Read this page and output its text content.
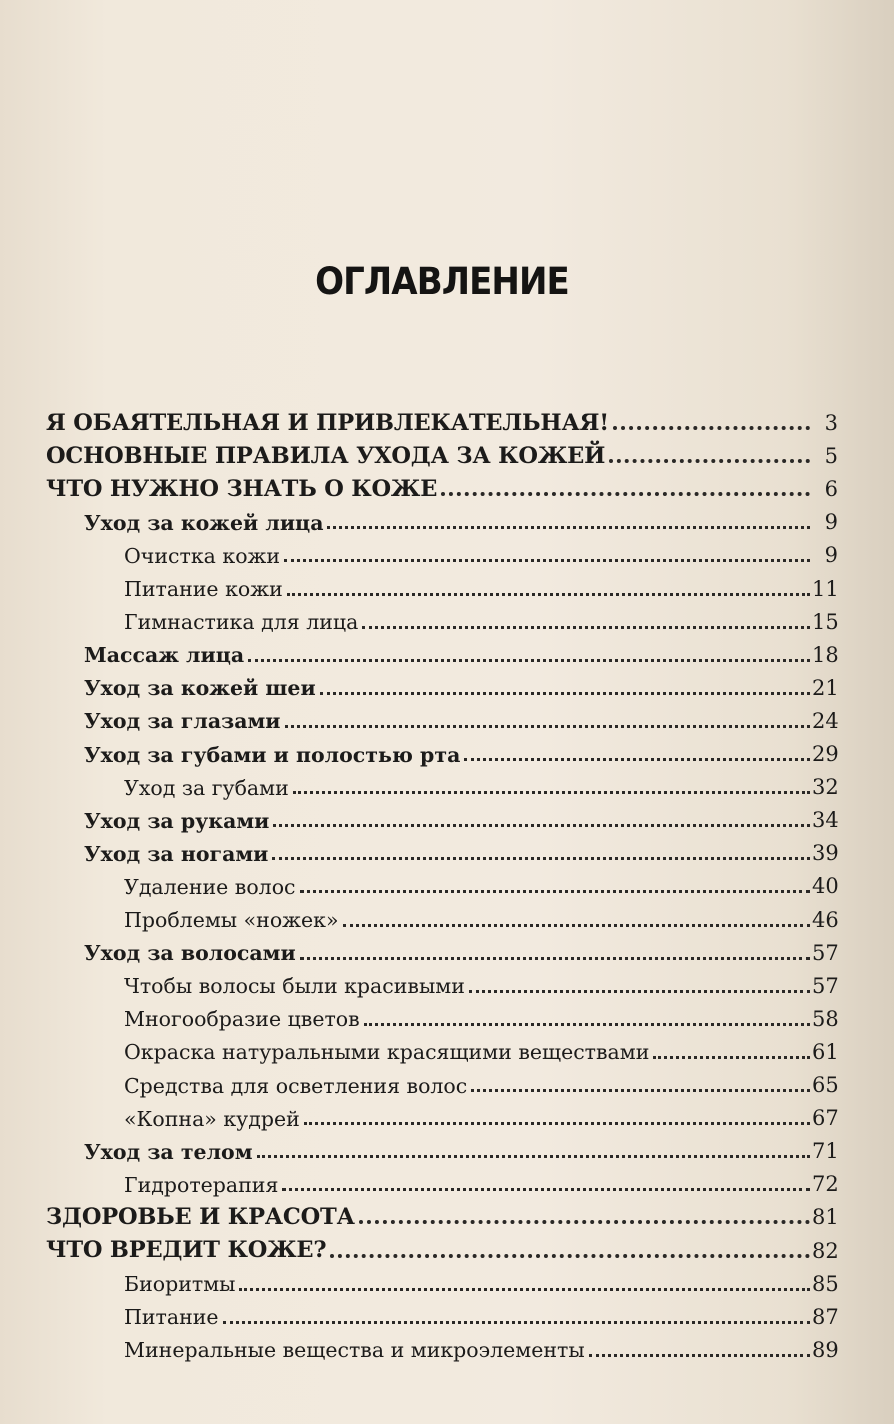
ОГЛАВЛЕНИЕ
Я ОБАЯТЕЛЬНАЯ И ПРИВЛЕКАТЕЛЬНАЯ!	3
ОСНОВНЫЕ ПРАВИЛА УХОДА ЗА КОЖЕЙ	5
ЧТО НУЖНО ЗНАТЬ О КОЖЕ	6
Уход за кожей лица	9
Очистка кожи	9
Питание кожи	11
Гимнастика для лица	15
Массаж лица	18
Уход за кожей шеи	21
Уход за глазами	24
Уход за губами и полостью рта	29
Уход за губами	32
Уход за руками	34
Уход за ногами	39
Удаление волос	40
Проблемы «ножек»	46
Уход за волосами	57
Чтобы волосы были красивыми	57
Многообразие цветов	58
Окраска натуральными красящими веществами	61
Средства для осветления волос	65
«Копна» кудрей	67
Уход за телом	71
Гидротерапия	72
ЗДОРОВЬЕ И КРАСОТА	81
ЧТО ВРЕДИТ КОЖЕ?	82
Биоритмы	85
Питание	87
Минеральные вещества и микроэлементы	89
